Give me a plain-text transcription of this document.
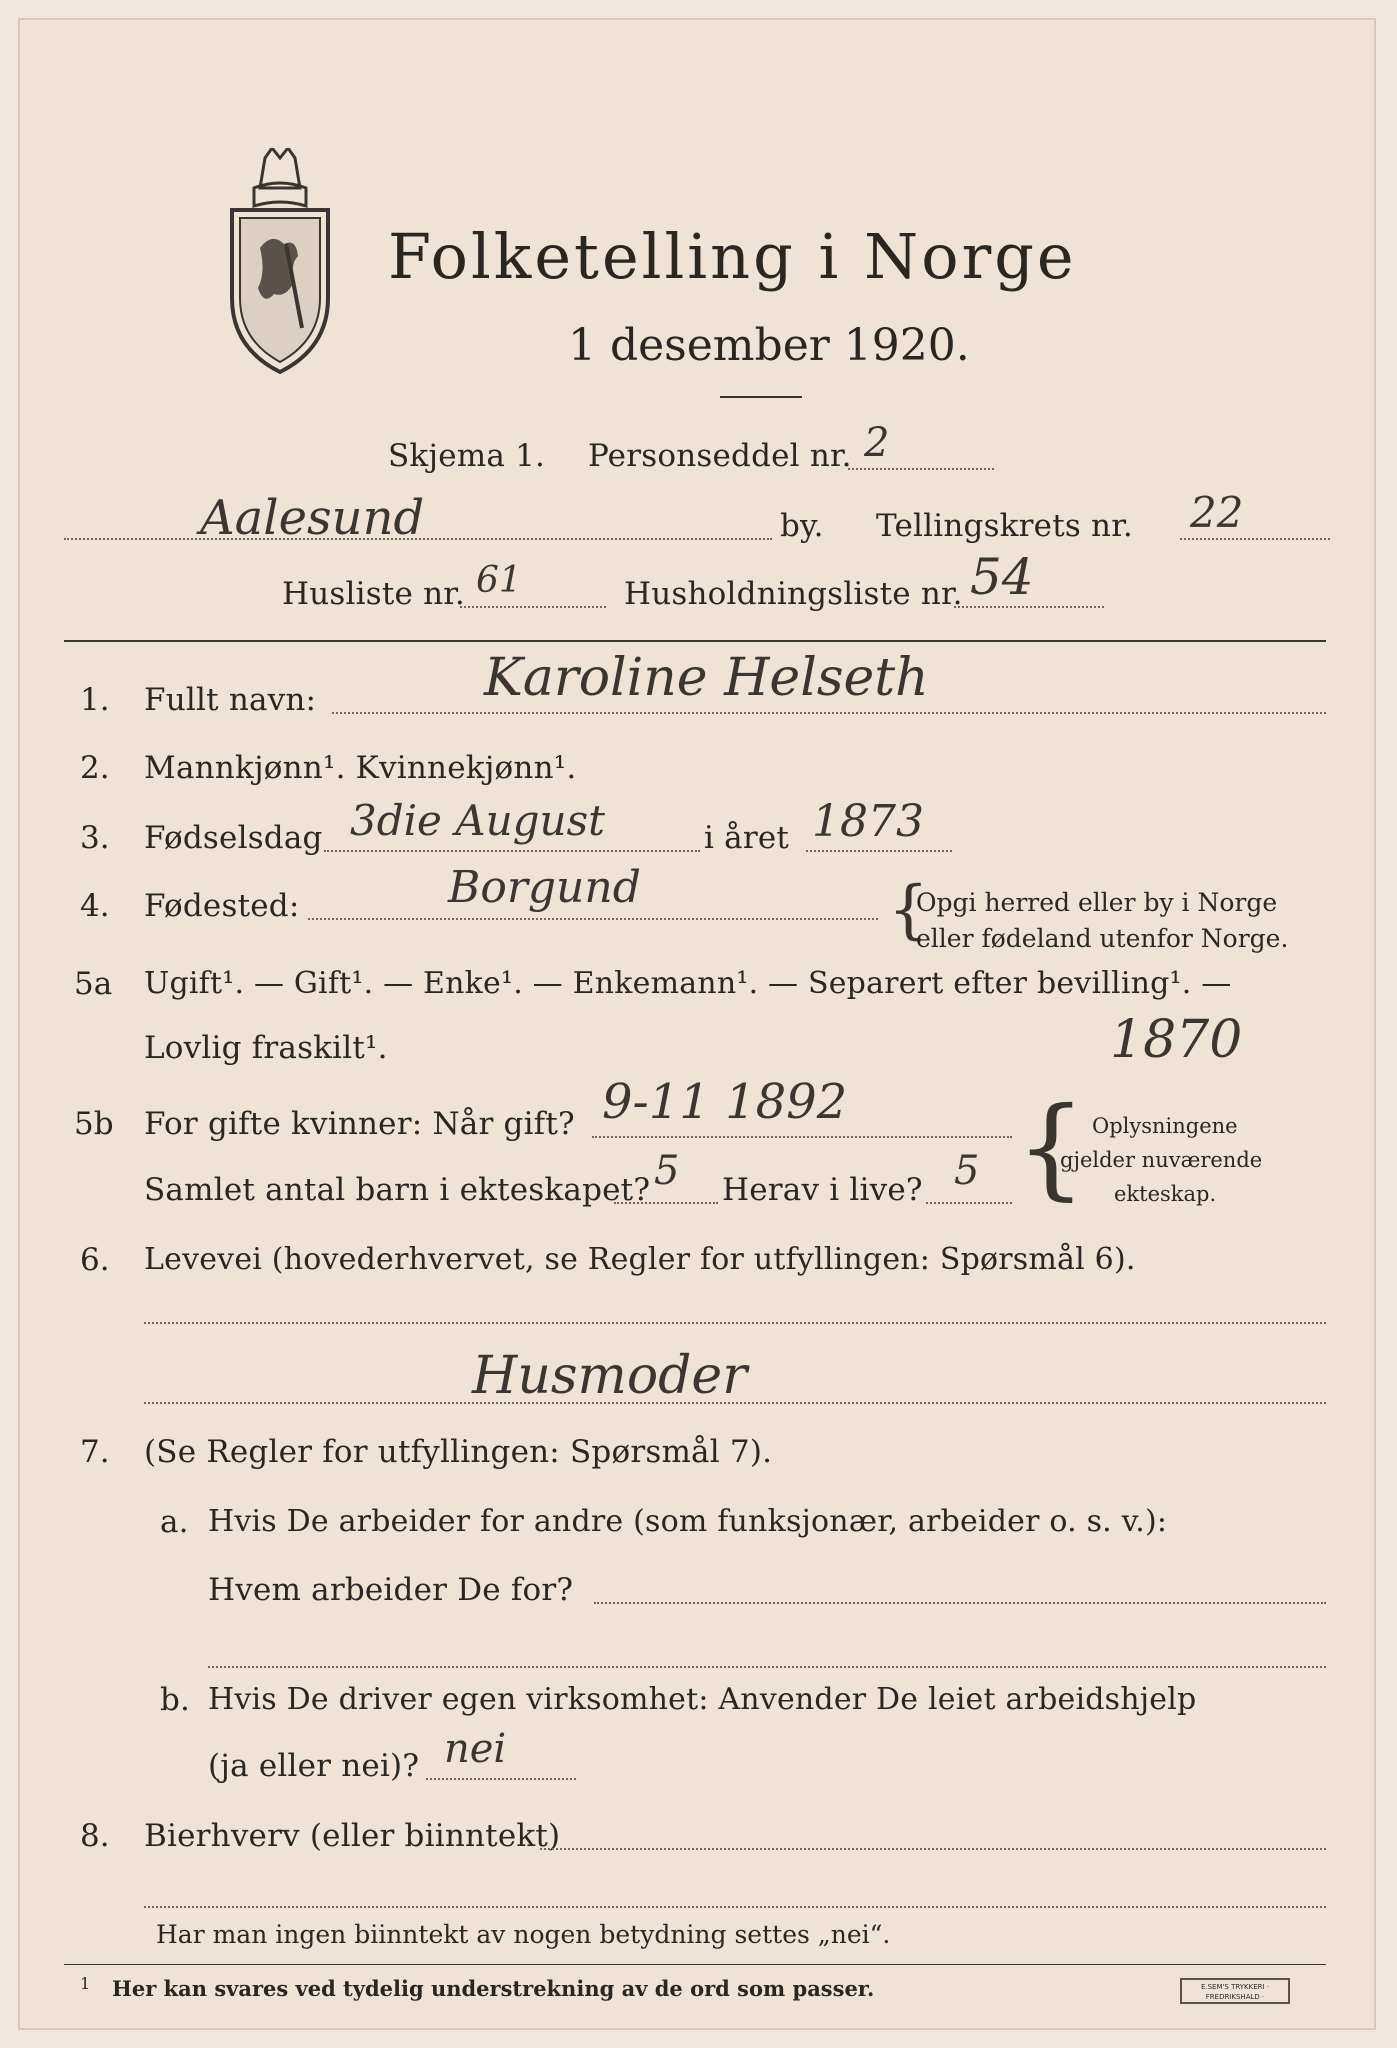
Folketelling i Norge
1 desember 1920.
Skjema 1. Personseddel nr. 2
Aalesund	by. Tellingskrets nr. 22
Husliste nr. 61	Husholdningsliste nr. 54
1. Fullt navn:	Karoline Helseth
2. Mannkjønn¹. Kvinnekjønn¹.
3. Fødselsdag 3die August	i året 1873
4. Fødested:	Borgund	{
Opgi herred eller by i Norge
eller fødeland utenfor Norge.
5a Ugift¹. — Gift¹. — Enke¹. — Enkemann¹. — Separert efter bevilling¹. —
Lovlig fraskilt¹.	1870
5b For gifte kvinner: Når gift? 9-11 1892
Samlet antal barn i ekteskapet? 5 Herav i live? 5 { Oplysningene
gjelder nuværende
ekteskap.
6. Levevei (hovederhvervet, se Regler for utfyllingen: Spørsmål 6).
Husmoder
7. (Se Regler for utfyllingen: Spørsmål 7).
a. Hvis De arbeider for andre (som funksjonær, arbeider o. s. v.):
Hvem arbeider De for?
b. Hvis De driver egen virksomhet: Anvender De leiet arbeidshjelp
(ja eller nei)? nei
8. Bierhverv (eller biinntekt)
Har man ingen biinntekt av nogen betydning settes „nei“.
1 Her kan svares ved tydelig understrekning av de ord som passer.	E.SEM'S TRYKKERI · FREDRIKSHALD ·
